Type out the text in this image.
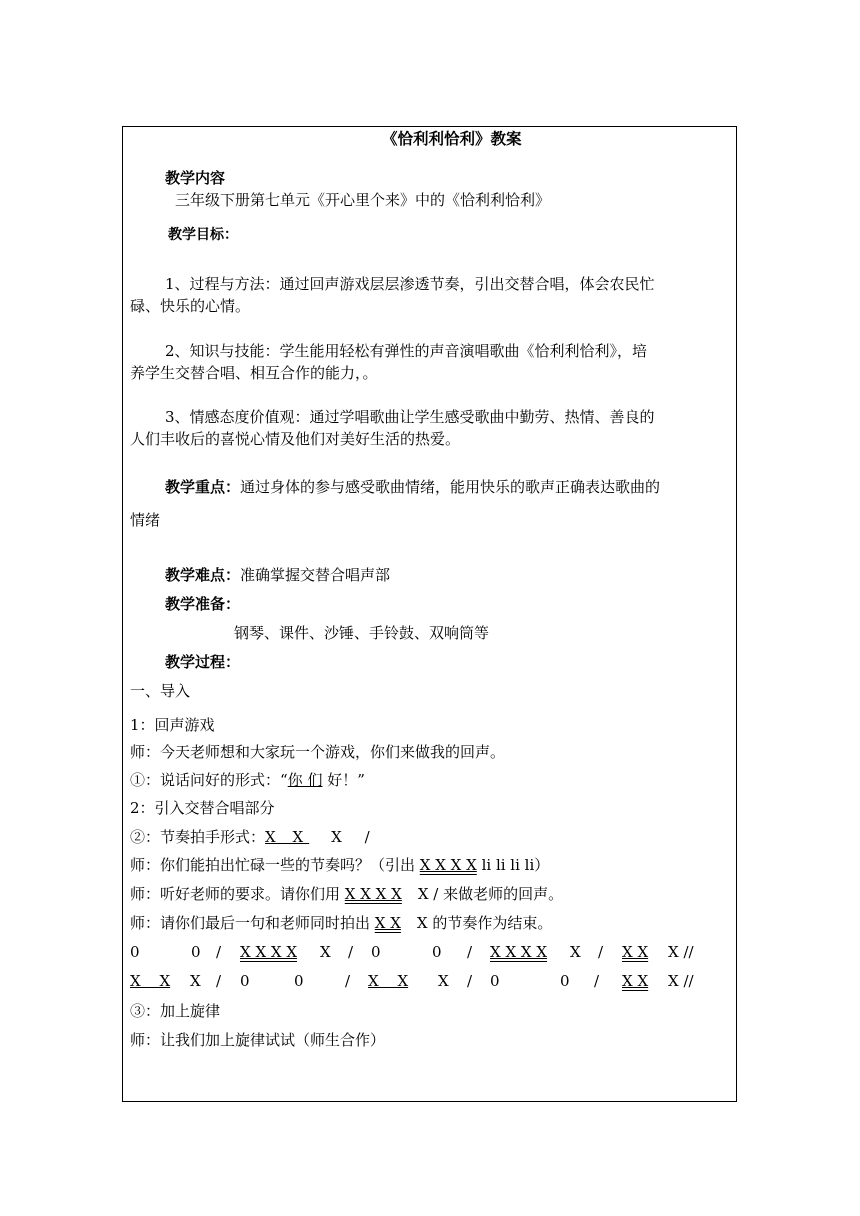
《恰利利恰利》教案
教学内容
三年级下册第七单元《开心里个来》中的《恰利利恰利》
教学目标：
1、过程与方法：通过回声游戏层层渗透节奏，引出交替合唱，体会农民忙
碌、快乐的心情。
2、知识与技能：学生能用轻松有弹性的声音演唱歌曲《恰利利恰利》，培
养学生交替合唱、相互合作的能力，。
3、情感态度价值观：通过学唱歌曲让学生感受歌曲中勤劳、热情、善良的
人们丰收后的喜悦心情及他们对美好生活的热爱。
教学重点：通过身体的参与感受歌曲情绪，能用快乐的歌声正确表达歌曲的
情绪
教学难点：准确掌握交替合唱声部
教学准备：
钢琴、课件、沙锤、手铃鼓、双响筒等
教学过程：
一、导入
1：回声游戏
师：今天老师想和大家玩一个游戏，你们来做我的回声。
①：说话问好的形式：“你 们 好！”
2：引入交替合唱部分
②：节奏拍手形式：X X X /
师：你们能拍出忙碌一些的节奏吗？（引出 X X X X li li li li）
师：听好老师的要求。请你们用 X X X X X / 来做老师的回声。
师：请你们最后一句和老师同时拍出 X X X 的节奏作为结束。
0	0 / X X X X X / 0	0 / X X X X X / X X X //
X X X / 0	0	/ X X X / 0	0 / X X X //
③：加上旋律
师：让我们加上旋律试试（师生合作）
